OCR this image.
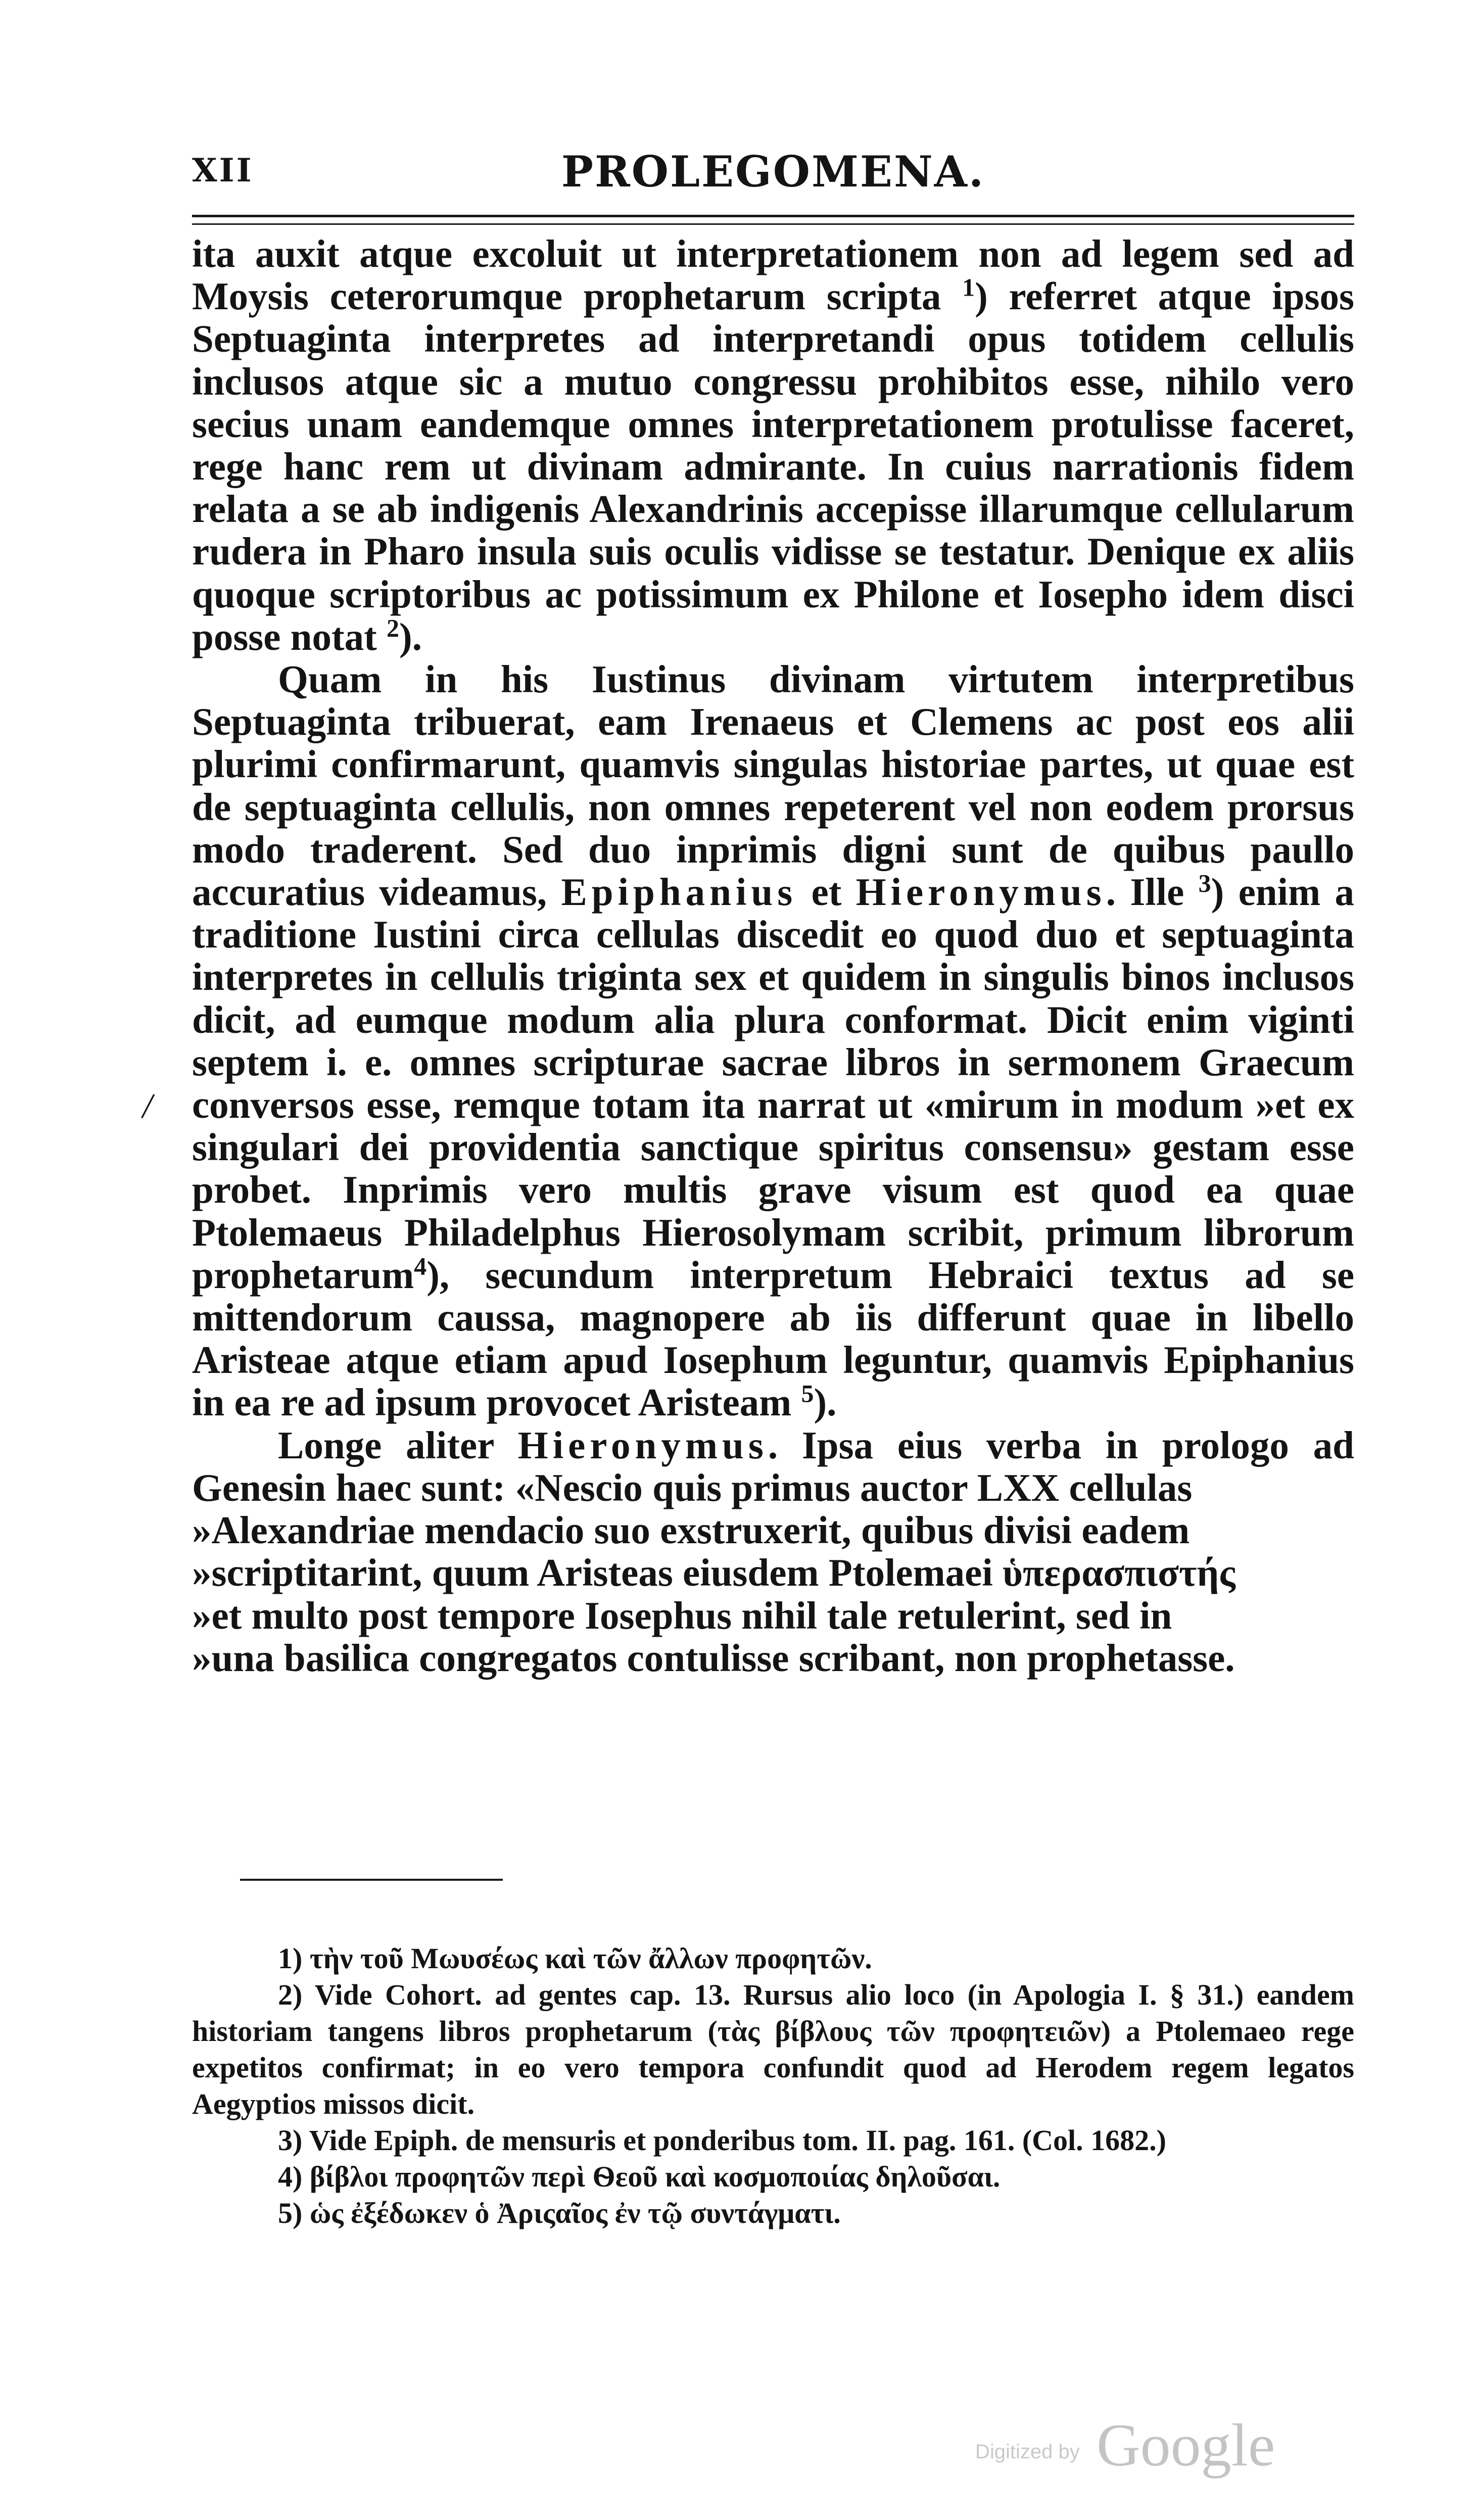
XII	PROLEGOMENA.
/

ita auxit atque excoluit ut interpretationem non ad legem sed ad Moysis ceterorumque prophetarum scripta $^1$) referret atque ipsos Septuaginta interpretes ad interpretandi opus totidem cellulis inclusos atque sic a mutuo congressu prohibitos esse, nihilo vero secius unam eandemque omnes interpretationem protulisse faceret, rege hanc rem ut divinam admirante. In cuius narrationis fidem relata a se ab indigenis Alexandrinis accepisse illarumque cellularum rudera in Pharo insula suis oculis vidisse se testatur. Denique ex aliis quoque scriptoribus ac potissimum ex Philone et Iosepho idem disci posse notat $^2$).

Quam in his Iustinus divinam virtutem interpretibus Septuaginta tribuerat, eam Irenaeus et Clemens ac post eos alii plurimi confirmarunt, quamvis singulas historiae partes, ut quae est de septuaginta cellulis, non omnes repeterent vel non eodem prorsus modo traderent. Sed duo inprimis digni sunt de quibus paullo accuratius videamus, Epiphanius et Hieronymus. Ille $^3$) enim a traditione Iustini circa cellulas discedit eo quod duo et septuaginta interpretes in cellulis triginta sex et quidem in singulis binos inclusos dicit, ad eumque modum alia plura conformat. Dicit enim viginti septem i. e. omnes scripturae sacrae libros in sermonem Graecum conversos esse, remque totam ita narrat ut «mirum in modum »et ex singulari dei providentia sanctique spiritus consensu» gestam esse probet. Inprimis vero multis grave visum est quod ea quae Ptolemaeus Philadelphus Hierosolymam scribit, primum librorum prophetarum$^4$), secundum interpretum Hebraici textus ad se mittendorum caussa, magnopere ab iis differunt quae in libello Aristeae atque etiam apud Iosephum leguntur, quamvis Epiphanius in ea re ad ipsum provocet Aristeam $^5$).

Longe aliter Hieronymus. Ipsa eius verba in prologo ad Genesin haec sunt: «Nescio quis primus auctor LXX cellulas

»Alexandriae mendacio suo exstruxerit, quibus divisi eadem

»scriptitarint, quum Aristeas eiusdem Ptolemaei ὑπερασπιστής

»et multo post tempore Iosephus nihil tale retulerint, sed in

»una basilica congregatos contulisse scribant, non prophetasse.

1) τὴν τοῦ Μωυσέως καὶ τῶν ἄλλων προφητῶν.

2) Vide Cohort. ad gentes cap. 13. Rursus alio loco (in Apologia I. § 31.) eandem historiam tangens libros prophetarum (τὰς βίβλους τῶν προφητειῶν) a Ptolemaeo rege expetitos confirmat; in eo vero tempora confundit quod ad Herodem regem legatos Aegyptios missos dicit.

3) Vide Epiph. de mensuris et ponderibus tom. II. pag. 161. (Col. 1682.)

4) βίβλοι προφητῶν περὶ Ѳεοῦ καὶ κοσμοποιίας δηλοῦσαι.

5) ὡς ἐξέδωκεν ὁ Ἀριςαῖος ἐν τῷ συντάγματι.

Digitized by Google
